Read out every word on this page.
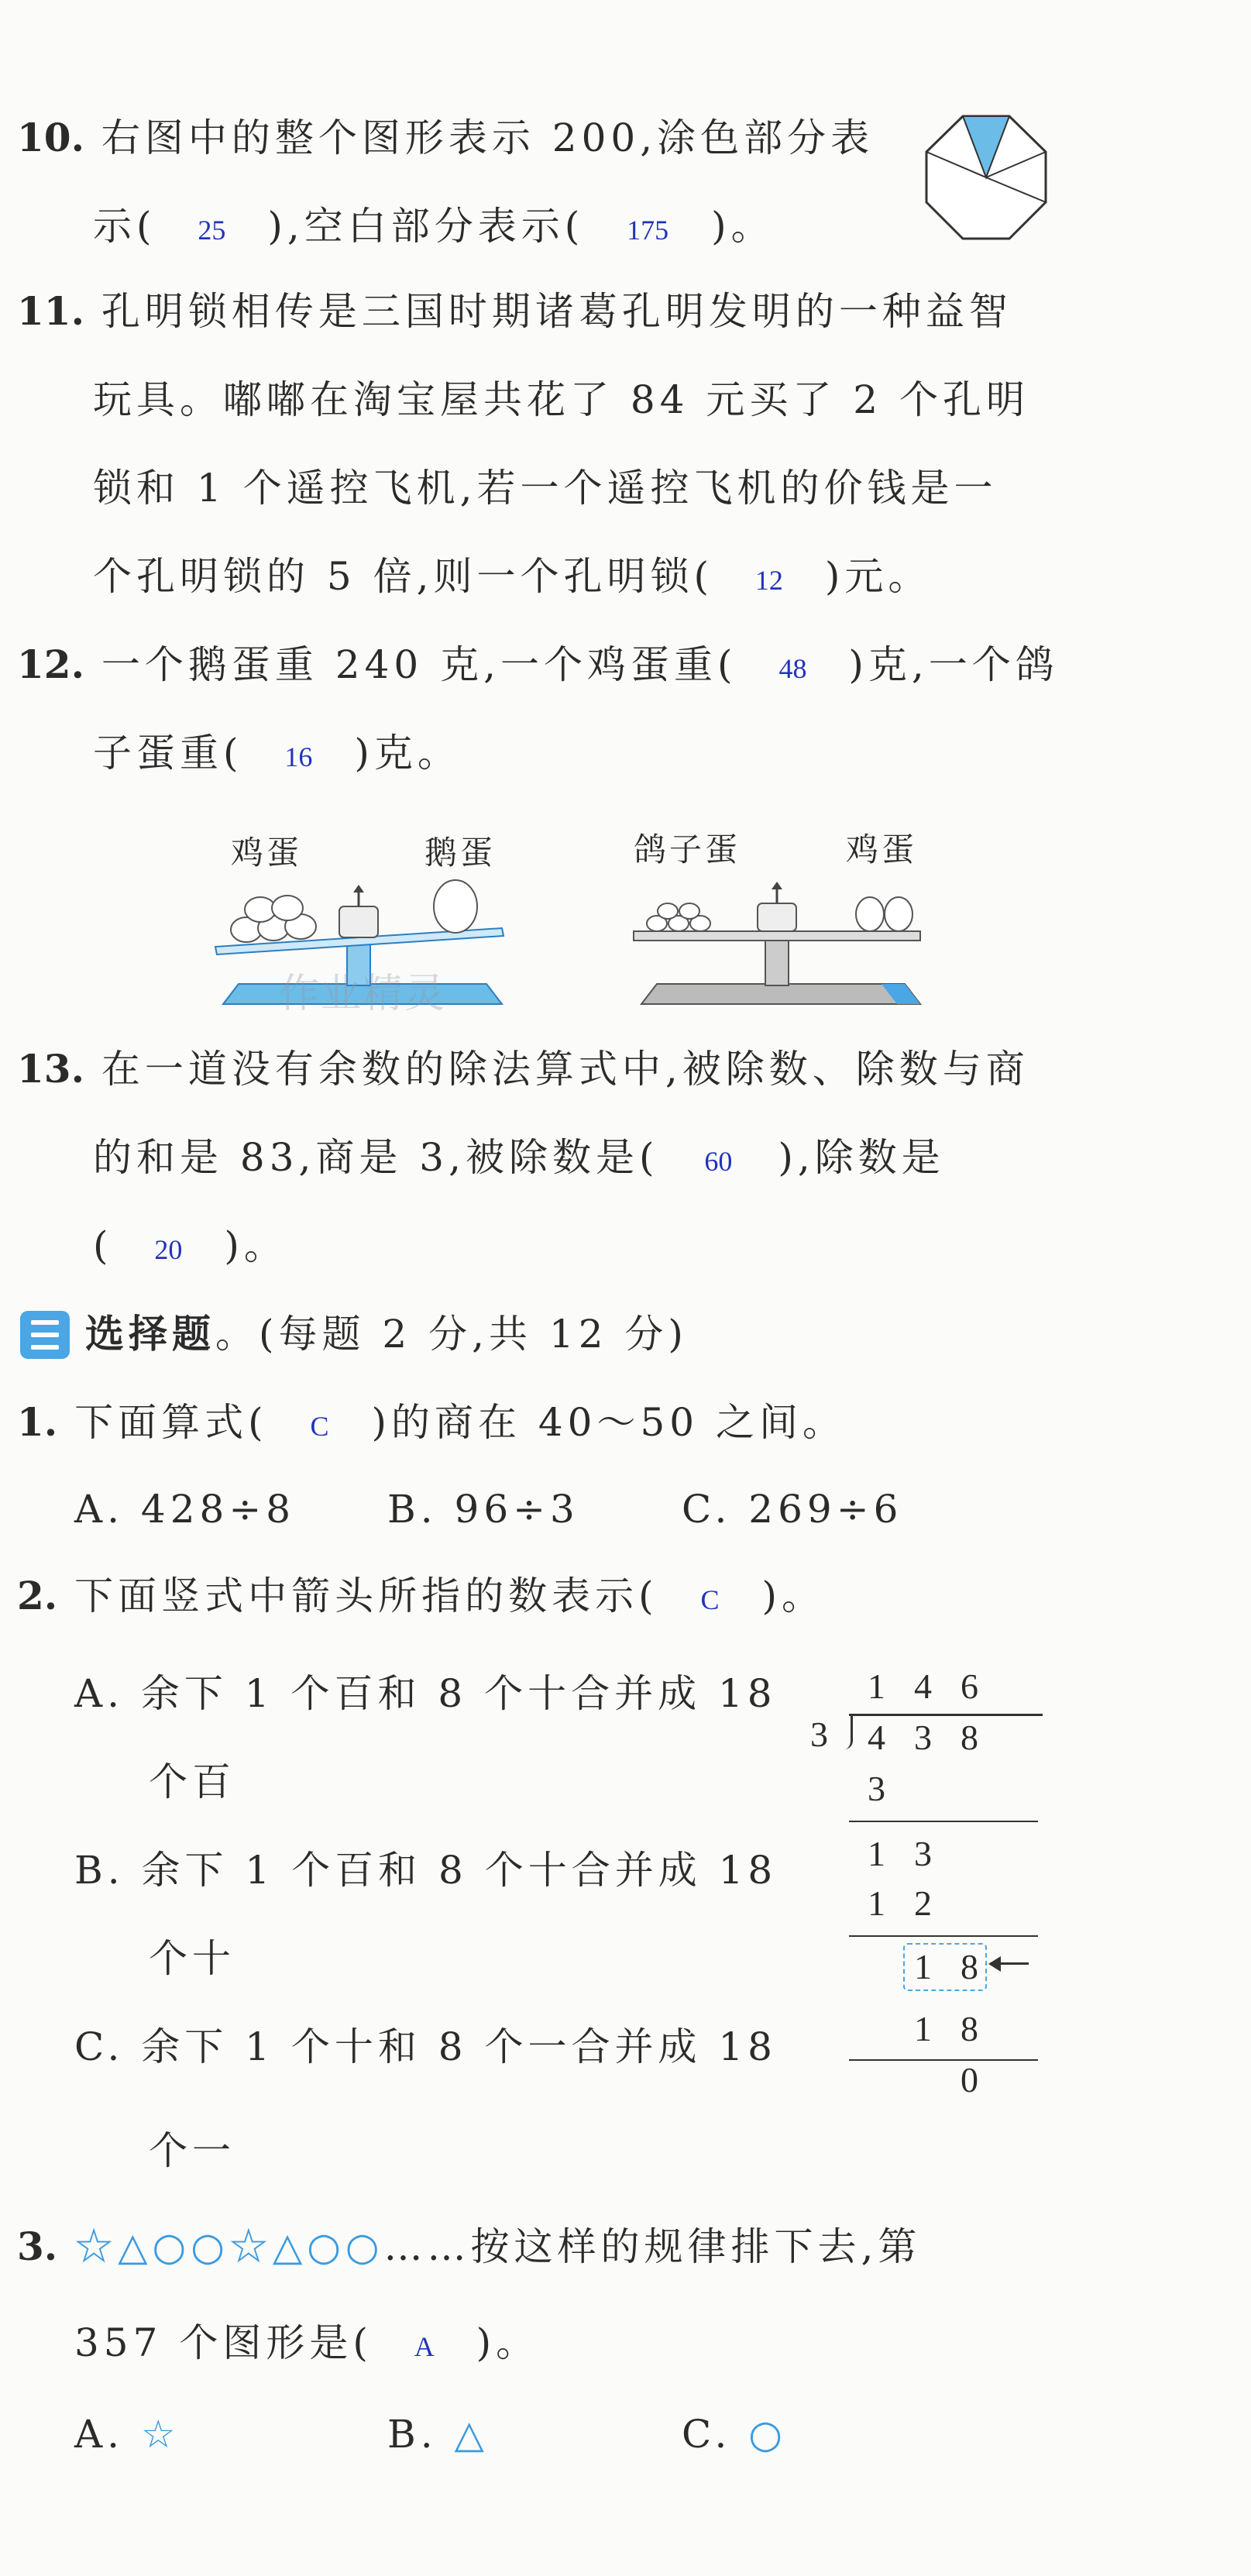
10. 右图中的整个图形表示 200,涂色部分表
示( 25 ),空白部分表示( 175 )。
11. 孔明锁相传是三国时期诸葛孔明发明的一种益智
玩具。嘟嘟在淘宝屋共花了 84 元买了 2 个孔明
锁和 1 个遥控飞机,若一个遥控飞机的价钱是一
个孔明锁的 5 倍,则一个孔明锁( 12 )元。
12. 一个鹅蛋重 240 克,一个鸡蛋重( 48 )克,一个鸽
子蛋重( 16 )克。
鸡蛋	鹅蛋	鸽子蛋	鸡蛋
作业精灵
13. 在一道没有余数的除法算式中,被除数、除数与商
的和是 83,商是 3,被除数是( 60 ),除数是
( 20 )。
选择题。(每题 2 分,共 12 分)
1. 下面算式( C )的商在 40～50 之间。
A. 428÷8 B. 96÷3	C. 269÷6
2. 下面竖式中箭头所指的数表示( C )。
A. 余下 1 个百和 8 个十合并成 18
个百
B. 余下 1 个百和 8 个十合并成 18
个十
C. 余下 1 个十和 8 个一合并成 18
个一
1 4 6
3 4 3 8
3
1 3
1 2
1 8
1 8
0
3. ☆△○○☆△○○……按这样的规律排下去,第
357 个图形是( A )。
A. ☆	B. △	C. ○
